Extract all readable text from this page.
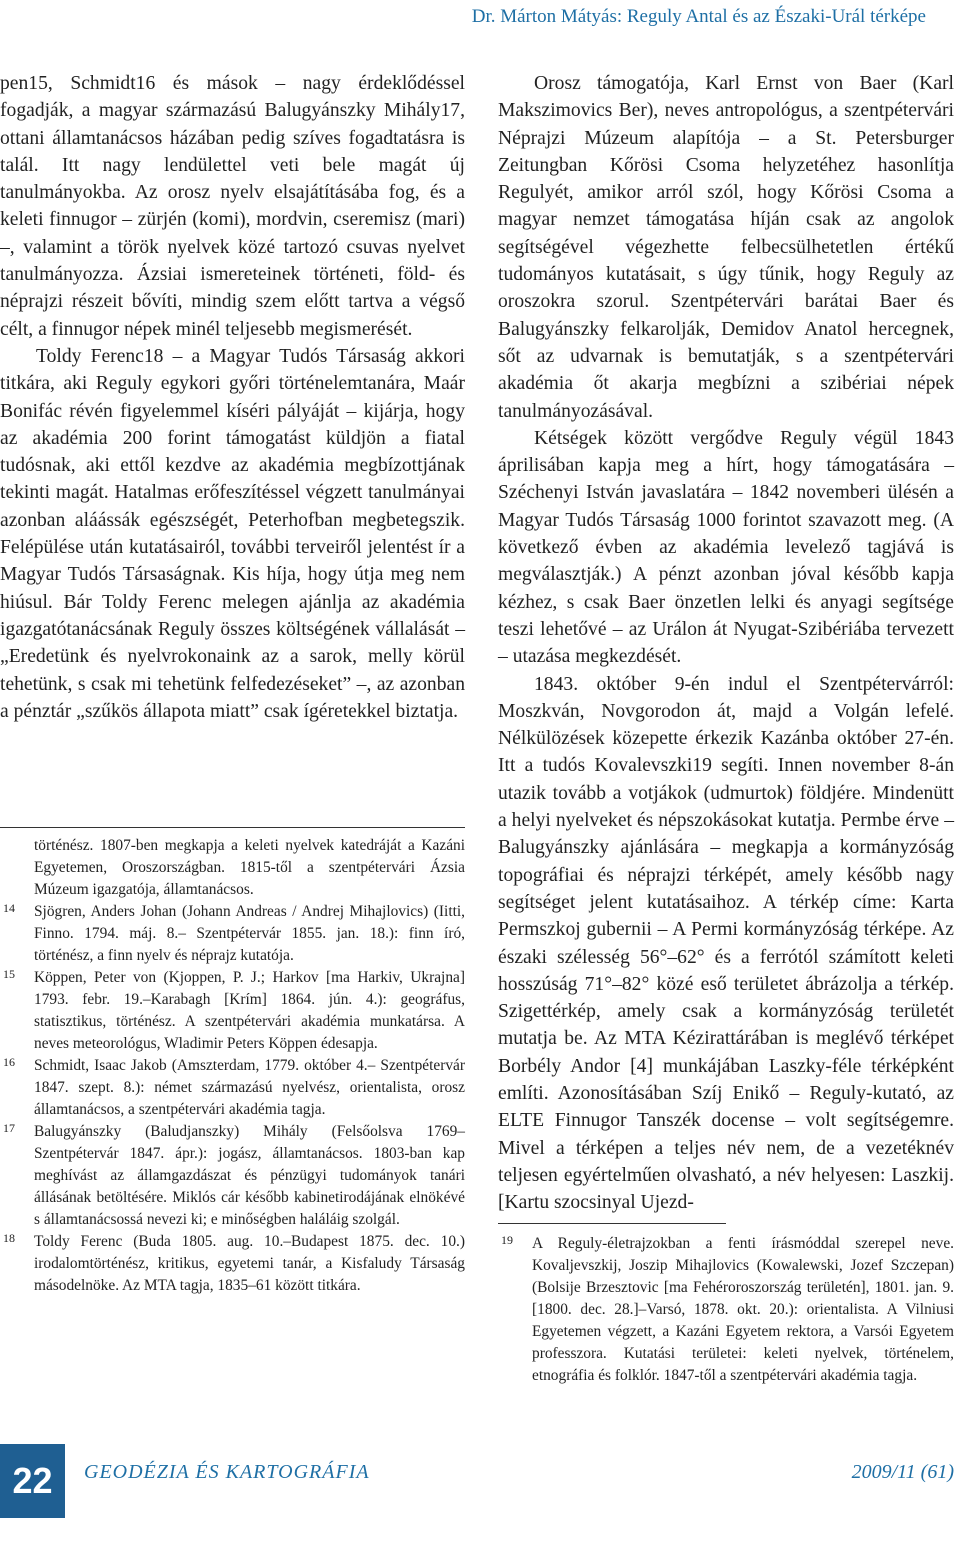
Dr. Márton Mátyás: Reguly Antal és az Északi-Urál térképe

pen15, Schmidt16 és mások – nagy érdeklődéssel fogadják, a magyar származású Balugyánszky Mihály17, ottani államtanácsos házában pedig szíves fogadtatásra is talál. Itt nagy lendülettel veti bele magát új tanulmányokba. Az orosz nyelv elsajátításába fog, és a keleti finnugor – zürjén (komi), mordvin, cseremisz (mari) –, valamint a török nyelvek közé tartozó csuvas nyelvet tanulmányozza. Ázsiai ismereteinek történeti, föld- és néprajzi részeit bővíti, mindig szem előtt tartva a végső célt, a finnugor népek minél teljesebb megismerését.

Toldy Ferenc18 – a Magyar Tudós Társaság akkori titkára, aki Reguly egykori győri történelemtanára, Maár Bonifác révén figyelemmel kíséri pályáját – kijárja, hogy az akadémia 200 forint támogatást küldjön a fiatal tudósnak, aki ettől kezdve az akadémia megbízottjának tekinti magát. Hatalmas erőfeszítéssel végzett tanulmányai azonban aláássák egészségét, Peterhofban megbetegszik. Felépülése után kutatásairól, további terveiről jelentést ír a Magyar Tudós Társaságnak. Kis híja, hogy útja meg nem hiúsul. Bár Toldy Ferenc melegen ajánlja az akadémia igazgatótanácsának Reguly összes költségének vállalását – „Eredetünk és nyelvrokonaink az a sarok, melly körül tehetünk, s csak mi tehetünk felfedezéseket” –, az azonban a pénztár „szűkös állapota miatt” csak ígéretekkel biztatja.

történész. 1807-ben megkapja a keleti nyelvek katedráját a Kazáni Egyetemen, Oroszországban. 1815-től a szentpétervári Ázsia Múzeum igazgatója, államtanácsos.
14 Sjögren, Anders Johan (Johann Andreas / Andrej Mihajlovics) (Iitti, Finno. 1794. máj. 8.– Szentpétervár 1855. jan. 18.): finn író, történész, a finn nyelv és néprajz kutatója.
15 Köppen, Peter von (Kjoppen, P. J.; Harkov [ma Harkiv, Ukrajna] 1793. febr. 19.–Karabagh [Krím] 1864. jún. 4.): geográfus, statisztikus, történész. A szentpétervári akadémia munkatársa. A neves meteorológus, Wladimir Peters Köppen édesapja.
16 Schmidt, Isaac Jakob (Amszterdam, 1779. október 4.– Szentpétervár 1847. szept. 8.): német származású nyelvész, orientalista, orosz államtanácsos, a szentpétervári akadémia tagja.
17 Balugyánszky (Baludjanszky) Mihály (Felsőolsva 1769–Szentpétervár 1847. ápr.): jogász, államtanácsos. 1803-ban kap meghívást az államgazdászat és pénzügyi tudományok tanári állásának betöltésére. Miklós cár később kabinetirodájának elnökévé s államtanácsossá nevezi ki; e minőségben haláláig szolgál.
18 Toldy Ferenc (Buda 1805. aug. 10.–Budapest 1875. dec. 10.) irodalomtörténész, kritikus, egyetemi tanár, a Kisfaludy Társaság másodelnöke. Az MTA tagja, 1835–61 között titkára.

Orosz támogatója, Karl Ernst von Baer (Karl Makszimovics Ber), neves antropológus, a szentpétervári Néprajzi Múzeum alapítója – a St. Petersburger Zeitungban Kőrösi Csoma helyzetéhez hasonlítja Regulyét, amikor arról szól, hogy Kőrösi Csoma a magyar nemzet támogatása híján csak az angolok segítségével végezhette felbecsülhetetlen értékű tudományos kutatásait, s úgy tűnik, hogy Reguly az oroszokra szorul. Szentpétervári barátai Baer és Balugyánszky felkarolják, Demidov Anatol hercegnek, sőt az udvarnak is bemutatják, s a szentpétervári akadémia őt akarja megbízni a szibériai népek tanulmányozásával.

Kétségek között vergődve Reguly végül 1843 áprilisában kapja meg a hírt, hogy támogatására – Széchenyi István javaslatára – 1842 novemberi ülésén a Magyar Tudós Társaság 1000 forintot szavazott meg. (A következő évben az akadémia levelező tagjává is megválasztják.) A pénzt azonban jóval később kapja kézhez, s csak Baer önzetlen lelki és anyagi segítsége teszi lehetővé – az Urálon át Nyugat-Szibériába tervezett – utazása megkezdését.

1843. október 9-én indul el Szentpétervárról: Moszkván, Novgorodon át, majd a Volgán lefelé. Nélkülözések közepette érkezik Kazánba október 27-én. Itt a tudós Kovalevszki19 segíti. Innen november 8-án utazik tovább a votjákok (udmurtok) földjére. Mindenütt a helyi nyelveket és népszokásokat kutatja. Permbe érve – Balugyánszky ajánlására – megkapja a kormányzóság topográfiai és néprajzi térképét, amely később nagy segítséget jelent kutatásaihoz. A térkép címe: Karta Permszkoj gubernii – A Permi kormányzóság térképe. Az északi szélesség 56°–62° és a ferrótól számított keleti hosszúság 71°–82° közé eső területet ábrázolja a térkép. Szigettérkép, amely csak a kormányzóság területét mutatja be. Az MTA Kézirattárában is meglévő térképet Borbély Andor [4] munkájában Laszky-féle térképként említi. Azonosításában Szíj Enikő – Reguly-kutató, az ELTE Finnugor Tanszék docense – volt segítségemre. Mivel a térképen a teljes név nem, de a vezetéknév teljesen egyértelműen olvasható, a név helyesen: Laszkij. [Kartu szocsinyal Ujezd-

19 A Reguly-életrajzokban a fenti írásmóddal szerepel neve. Kovaljevszkij, Joszip Mihajlovics (Kowalewski, Jozef Szczepan) (Bolsije Brzesztovic [ma Fehéroroszország területén], 1801. jan. 9. [1800. dec. 28.]–Varsó, 1878. okt. 20.): orientalista. A Vilniusi Egyetemen végzett, a Kazáni Egyetem rektora, a Varsói Egyetem professzora. Kutatási területei: keleti nyelvek, történelem, etnográfia és folklór. 1847-től a szentpétervári akadémia tagja.
22	GEODÉZIA ÉS KARTOGRÁFIA	2009/11 (61)
